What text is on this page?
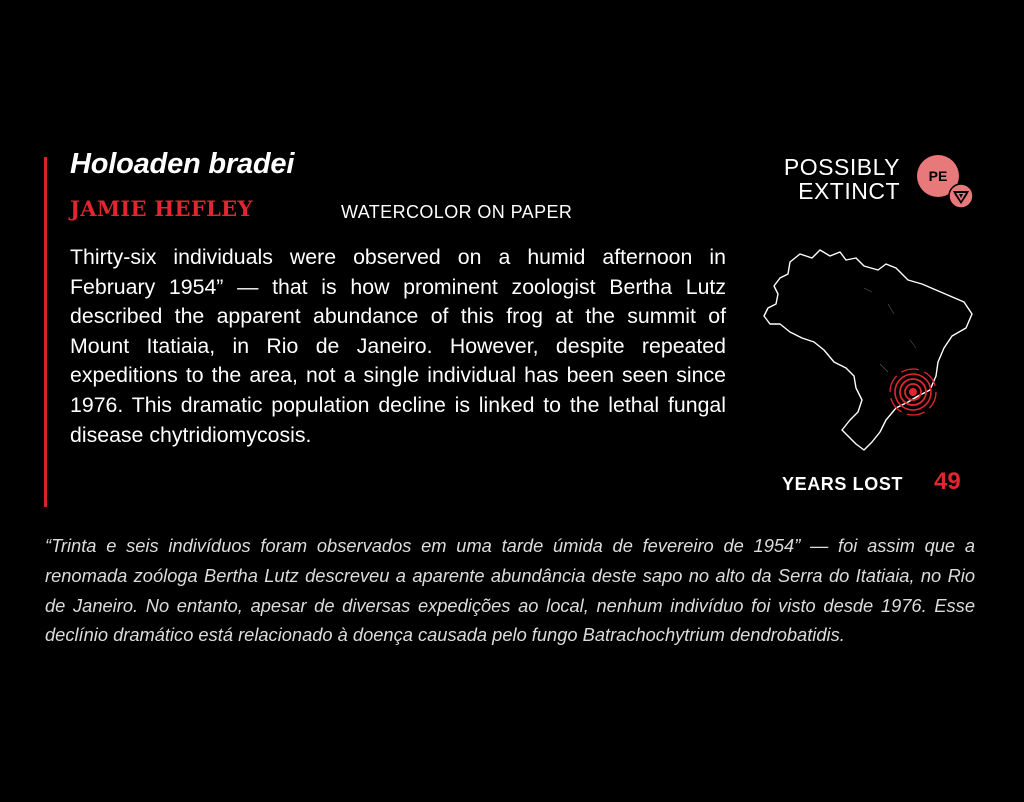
Holoaden bradei
JAMIE HEFLEY	WATERCOLOR ON PAPER

Thirty-six individuals were observed on a humid afternoon in February 1954” — that is how prominent zoologist Bertha Lutz described the apparent abundance of this frog at the summit of Mount Itatiaia, in Rio de Janeiro. However, despite repeated expeditions to the area, not a single individual has been seen since 1976. This dramatic population decline is linked to the lethal fungal disease chytridiomycosis.

POSSIBLY
EXTINCT
PE
YEARS LOST 49

“Trinta e seis indivíduos foram observados em uma tarde úmida de fevereiro de 1954” — foi assim que a renomada zoóloga Bertha Lutz descreveu a aparente abundância deste sapo no alto da Serra do Itatiaia, no Rio de Janeiro. No entanto, apesar de diversas expedições ao local, nenhum indivíduo foi visto desde 1976. Esse declínio dramático está relacionado à doença causada pelo fungo Batrachochytrium dendrobatidis.
